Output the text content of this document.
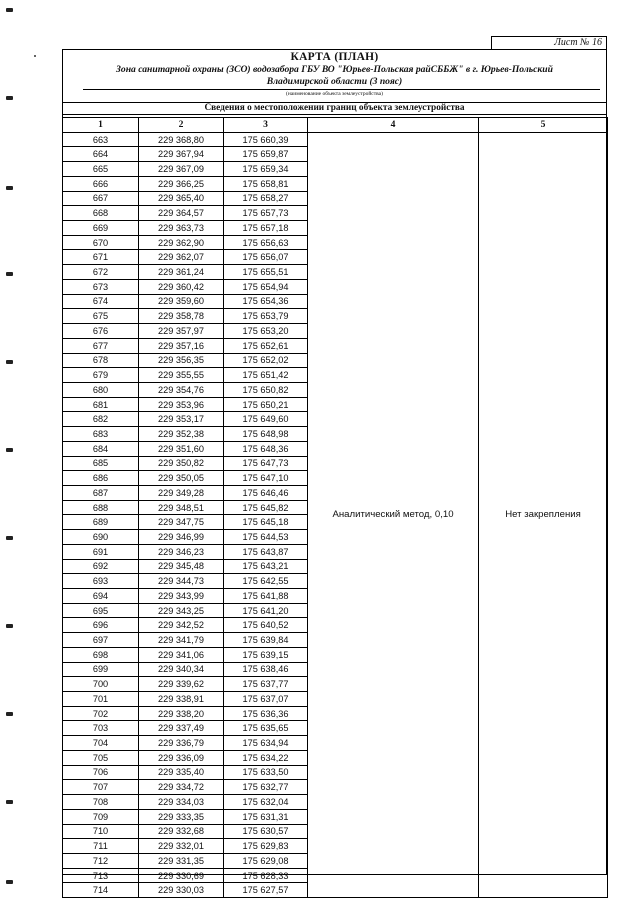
Лист № 16
КАРТА (ПЛАН)
Зона санитарной охраны (ЗСО) водозабора ГБУ ВО "Юрьев-Польская райСББЖ" в г. Юрьев-Польский
Владимирской области (3 пояс)
(наименование объекта землеустройства)
Сведения о местоположении границ объекта землеустройства
1	2	3	4	5
663	229 368,80	175 660,39	Аналитический метод, 0,10	Нет закрепления
664	229 367,94	175 659,87		
665	229 367,09	175 659,34		
666	229 366,25	175 658,81		
667	229 365,40	175 658,27		
668	229 364,57	175 657,73		
669	229 363,73	175 657,18		
670	229 362,90	175 656,63		
671	229 362,07	175 656,07		
672	229 361,24	175 655,51		
673	229 360,42	175 654,94		
674	229 359,60	175 654,36		
675	229 358,78	175 653,79		
676	229 357,97	175 653,20		
677	229 357,16	175 652,61		
678	229 356,35	175 652,02		
679	229 355,55	175 651,42		
680	229 354,76	175 650,82		
681	229 353,96	175 650,21		
682	229 353,17	175 649,60		
683	229 352,38	175 648,98		
684	229 351,60	175 648,36		
685	229 350,82	175 647,73		
686	229 350,05	175 647,10		
687	229 349,28	175 646,46		
688	229 348,51	175 645,82		
689	229 347,75	175 645,18		
690	229 346,99	175 644,53		
691	229 346,23	175 643,87		
692	229 345,48	175 643,21		
693	229 344,73	175 642,55		
694	229 343,99	175 641,88		
695	229 343,25	175 641,20		
696	229 342,52	175 640,52		
697	229 341,79	175 639,84		
698	229 341,06	175 639,15		
699	229 340,34	175 638,46		
700	229 339,62	175 637,77		
701	229 338,91	175 637,07		
702	229 338,20	175 636,36		
703	229 337,49	175 635,65		
704	229 336,79	175 634,94		
705	229 336,09	175 634,22		
706	229 335,40	175 633,50		
707	229 334,72	175 632,77		
708	229 334,03	175 632,04		
709	229 333,35	175 631,31		
710	229 332,68	175 630,57		
711	229 332,01	175 629,83		
712	229 331,35	175 629,08		
713	229 330,69	175 628,33		
714	229 330,03	175 627,57		
